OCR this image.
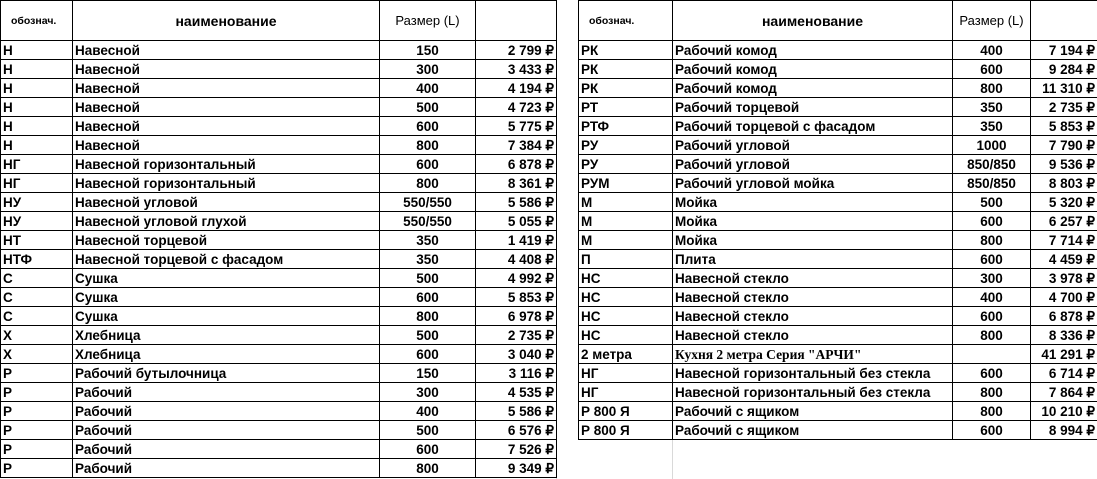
обознач.	наименование	Размер (L)	
Н	Навесной	150	2 799 ₽
Н	Навесной	300	3 433 ₽
Н	Навесной	400	4 194 ₽
Н	Навесной	500	4 723 ₽
Н	Навесной	600	5 775 ₽
Н	Навесной	800	7 384 ₽
НГ	Навесной горизонтальный	600	6 878 ₽
НГ	Навесной горизонтальный	800	8 361 ₽
НУ	Навесной угловой	550/550	5 586 ₽
НУ	Навесной угловой глухой	550/550	5 055 ₽
НТ	Навесной торцевой	350	1 419 ₽
НТФ	Навесной торцевой с фасадом	350	4 408 ₽
С	Сушка	500	4 992 ₽
С	Сушка	600	5 853 ₽
С	Сушка	800	6 978 ₽
Х	Хлебница	500	2 735 ₽
Х	Хлебница	600	3 040 ₽
Р	Рабочий бутылочница	150	3 116 ₽
Р	Рабочий	300	4 535 ₽
Р	Рабочий	400	5 586 ₽
Р	Рабочий	500	6 576 ₽
Р	Рабочий	600	7 526 ₽
Р	Рабочий	800	9 349 ₽
обознач.	наименование	Размер (L)	
РК	Рабочий комод	400	7 194 ₽
РК	Рабочий комод	600	9 284 ₽
РК	Рабочий комод	800	11 310 ₽
РТ	Рабочий торцевой	350	2 735 ₽
РТФ	Рабочий торцевой с фасадом	350	5 853 ₽
РУ	Рабочий угловой	1000	7 790 ₽
РУ	Рабочий угловой	850/850	9 536 ₽
РУМ	Рабочий угловой мойка	850/850	8 803 ₽
М	Мойка	500	5 320 ₽
М	Мойка	600	6 257 ₽
М	Мойка	800	7 714 ₽
П	Плита	600	4 459 ₽
НС	Навесной стекло	300	3 978 ₽
НС	Навесной стекло	400	4 700 ₽
НС	Навесной стекло	600	6 878 ₽
НС	Навесной стекло	800	8 336 ₽
2 метра	Кухня 2 метра Серия "АРЧИ"		41 291 ₽
НГ	Навесной горизонтальный без стекла	600	6 714 ₽
НГ	Навесной горизонтальный без стекла	800	7 864 ₽
Р 800 Я	Рабочий с ящиком	800	10 210 ₽
Р 800 Я	Рабочий с ящиком	600	8 994 ₽
